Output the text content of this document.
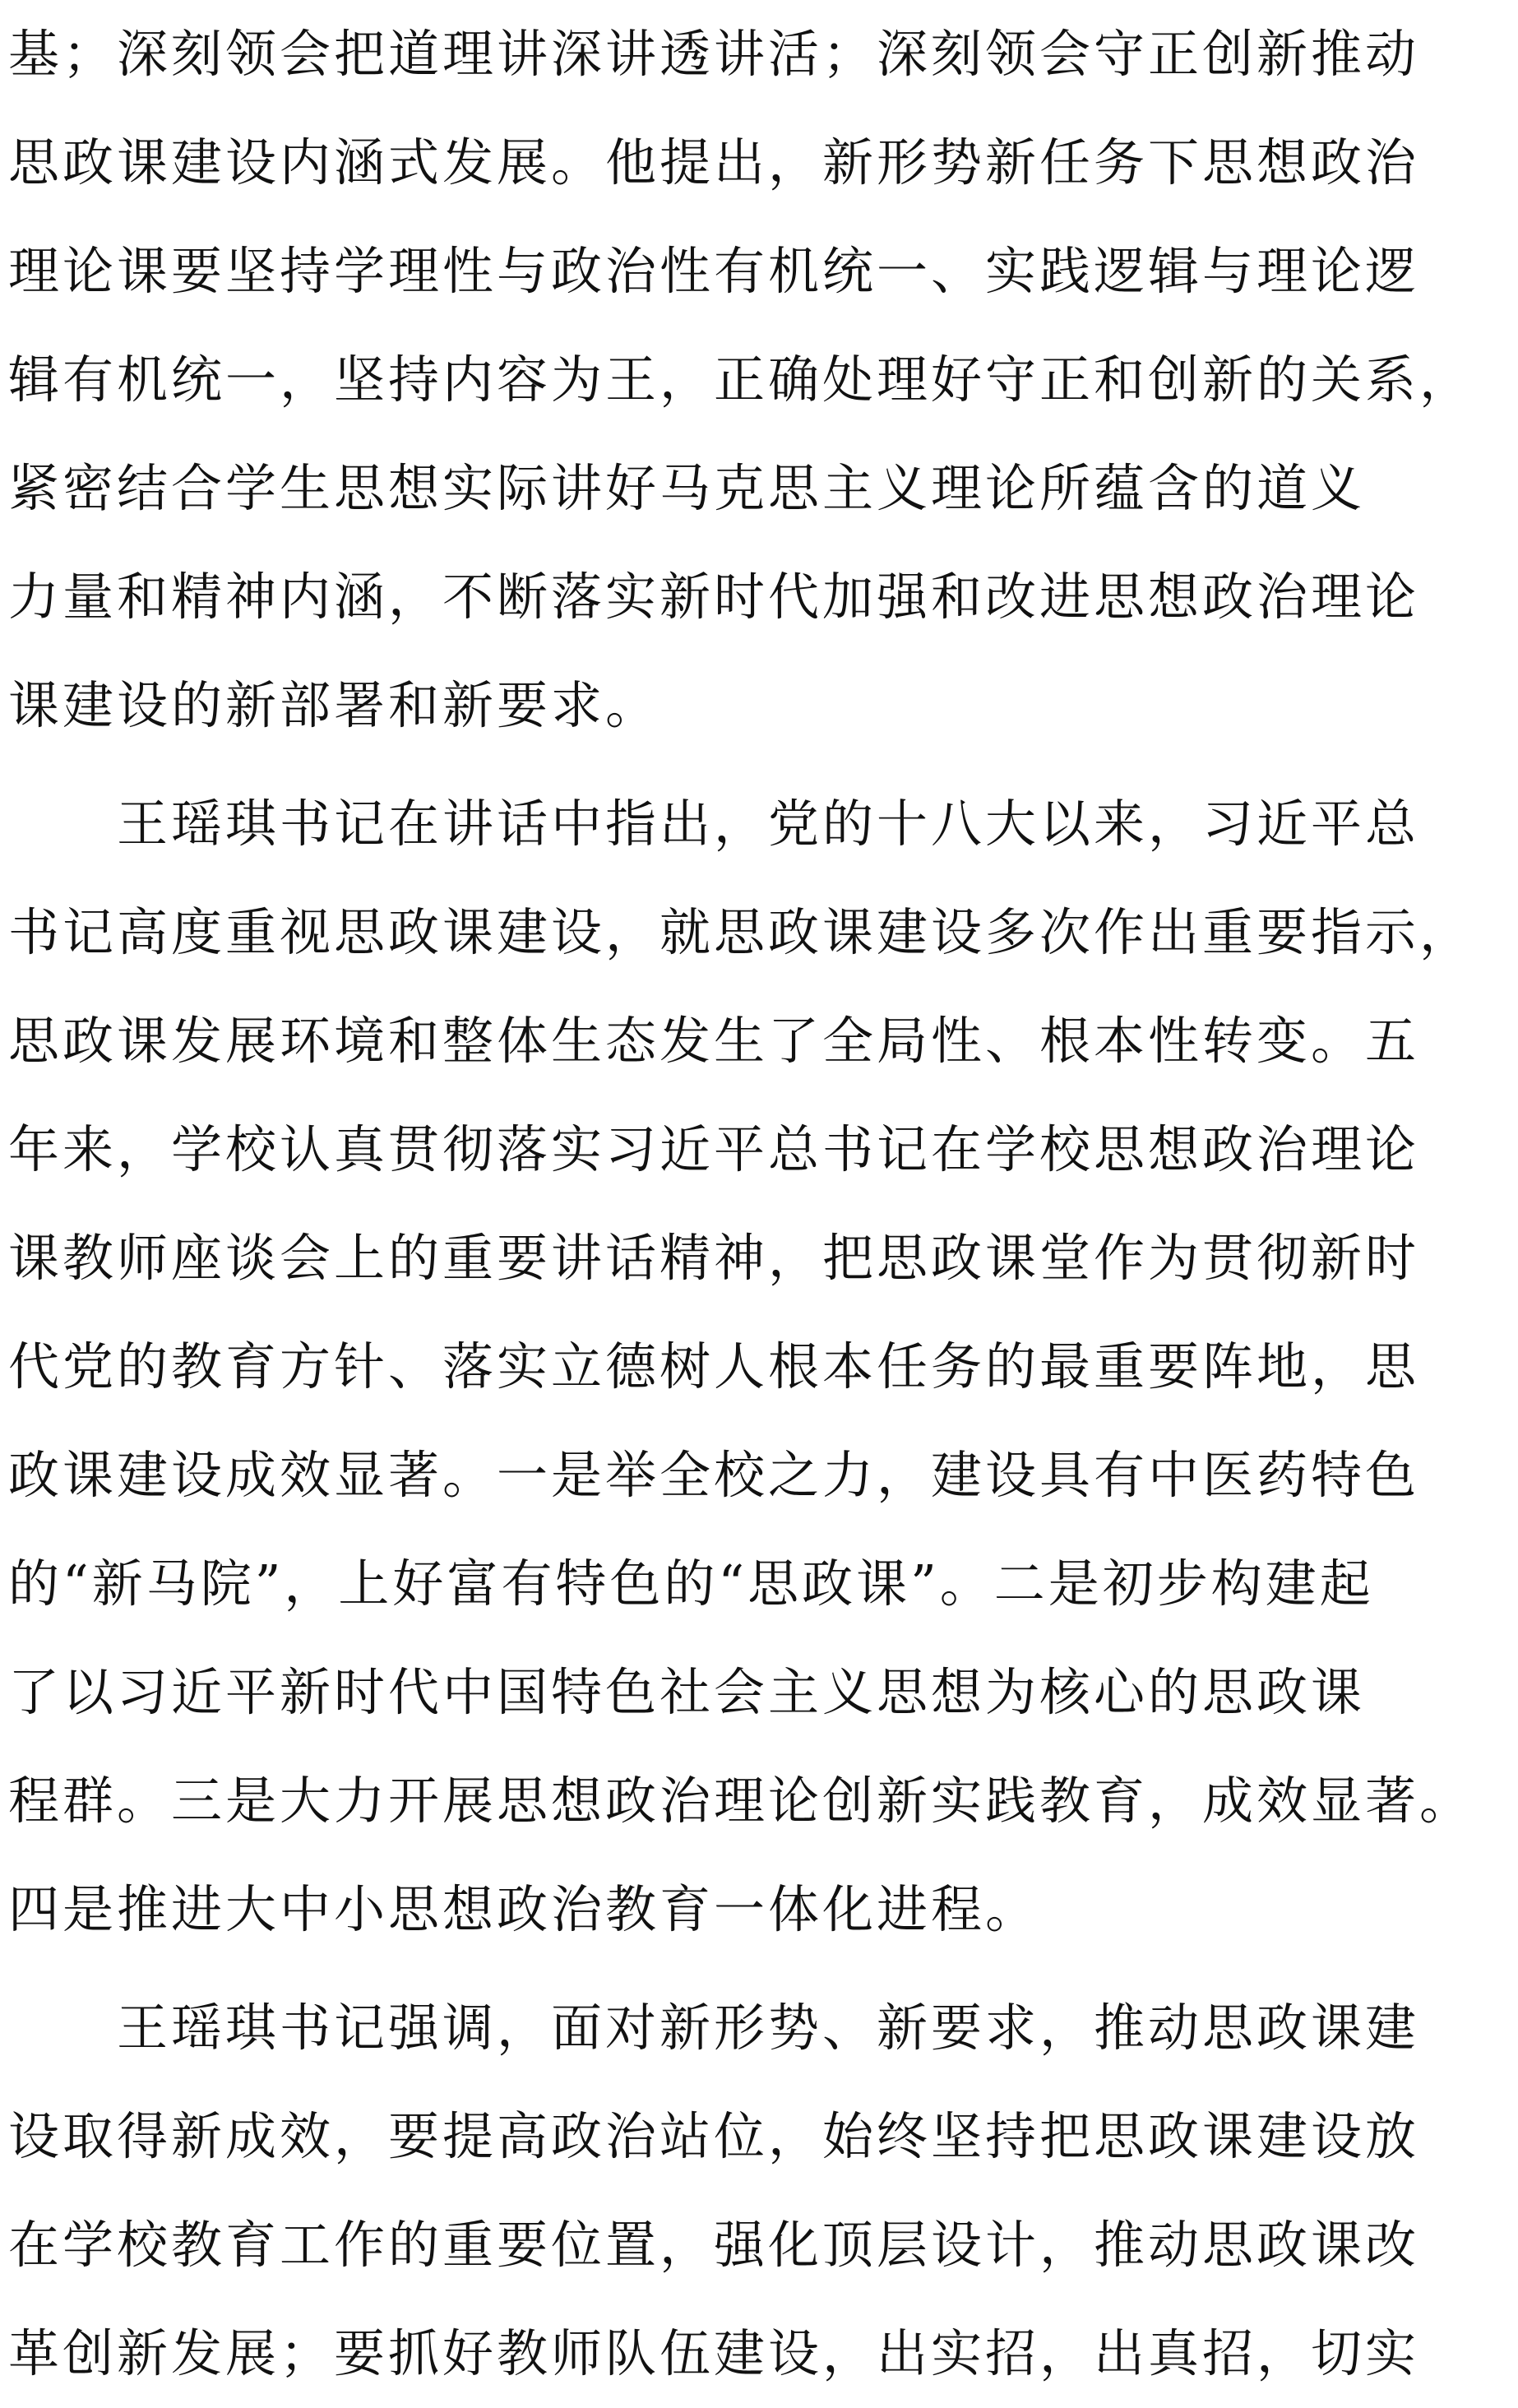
基；深刻领会把道理讲深讲透讲活；深刻领会守正创新推动
思政课建设内涵式发展。他提出，新形势新任务下思想政治
理论课要坚持学理性与政治性有机统一、实践逻辑与理论逻
辑有机统一，坚持内容为王，正确处理好守正和创新的关系，
紧密结合学生思想实际讲好马克思主义理论所蕴含的道义
力量和精神内涵，不断落实新时代加强和改进思想政治理论
课建设的新部署和新要求。
　　王瑶琪书记在讲话中指出，党的十八大以来，习近平总
书记高度重视思政课建设，就思政课建设多次作出重要指示，
思政课发展环境和整体生态发生了全局性、根本性转变。五
年来，学校认真贯彻落实习近平总书记在学校思想政治理论
课教师座谈会上的重要讲话精神，把思政课堂作为贯彻新时
代党的教育方针、落实立德树人根本任务的最重要阵地，思
政课建设成效显著。一是举全校之力，建设具有中医药特色
的“新马院”，上好富有特色的“思政课”。二是初步构建起
了以习近平新时代中国特色社会主义思想为核心的思政课
程群。三是大力开展思想政治理论创新实践教育，成效显著。
四是推进大中小思想政治教育一体化进程。
　　王瑶琪书记强调，面对新形势、新要求，推动思政课建
设取得新成效，要提高政治站位，始终坚持把思政课建设放
在学校教育工作的重要位置，强化顶层设计，推动思政课改
革创新发展；要抓好教师队伍建设，出实招，出真招，切实
